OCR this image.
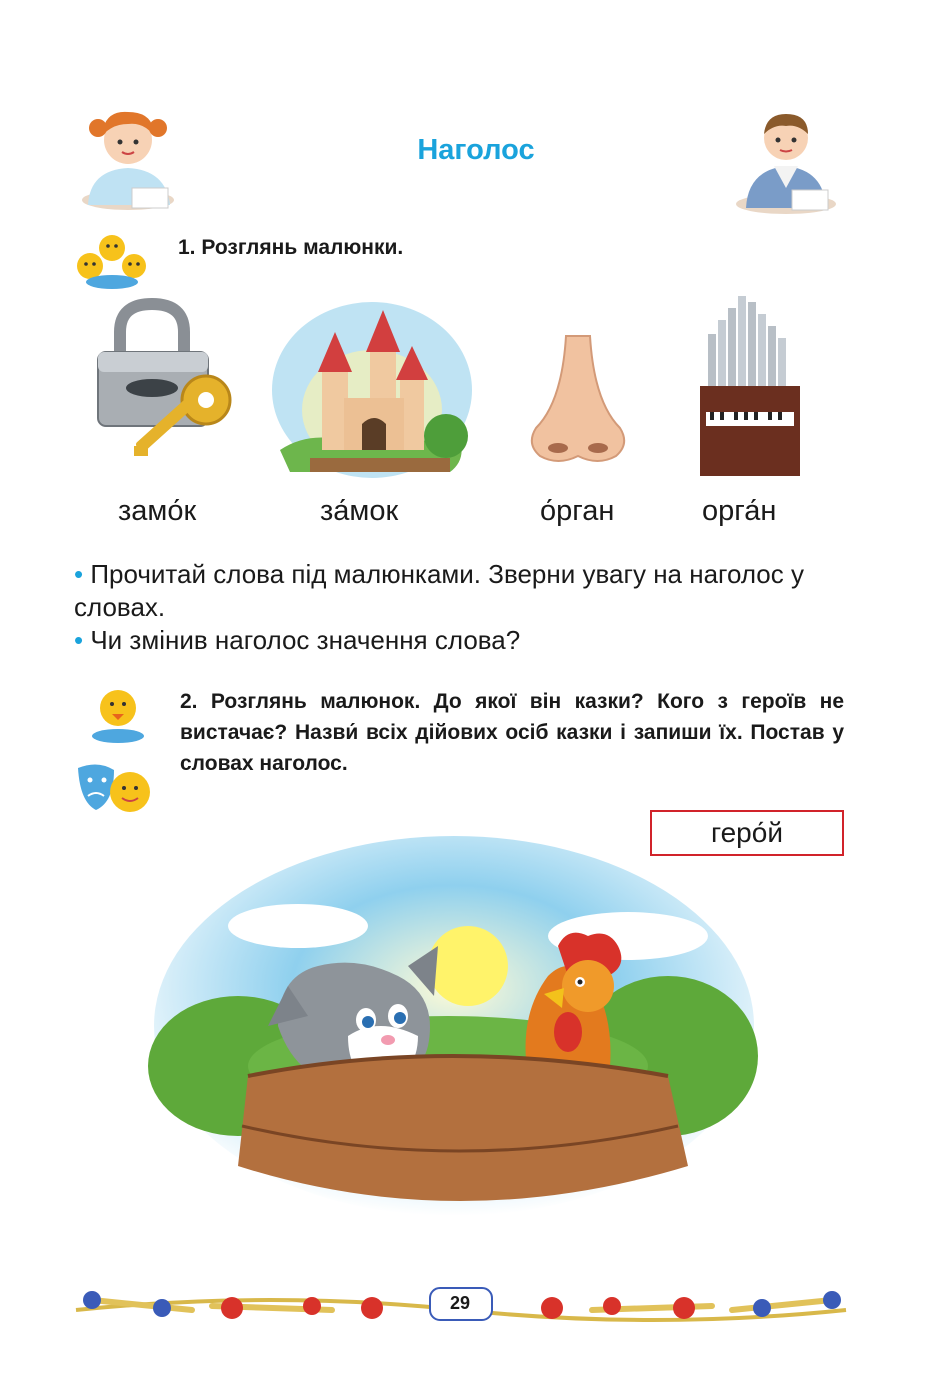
Наголос
1. Розглянь малюнки.
замо́к	за́мок	о́рган	орга́н
• Прочитай слова під малюнками. Зверни увагу на наголос у словах.
• Чи змінив наголос значення слова?
2. Розглянь малюнок. До якої він казки? Кого з героїв не вистачає? Назви́ всіх дійових осіб казки і запиши їх. Постав у словах наголос.
геро́й
29
